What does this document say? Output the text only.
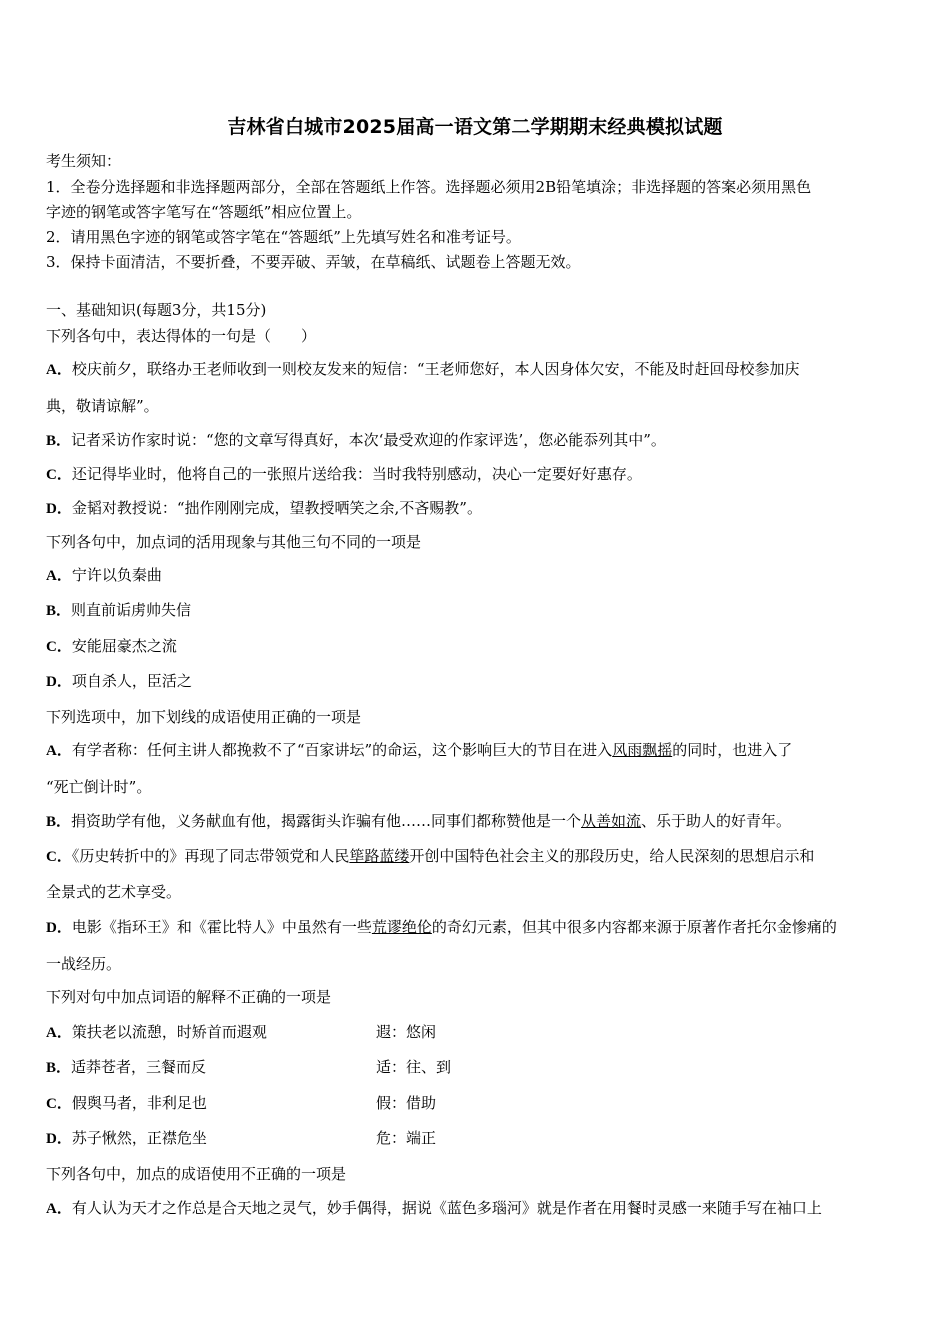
吉林省白城市2025届高一语文第二学期期末经典模拟试题
考生须知：
1．全卷分选择题和非选择题两部分，全部在答题纸上作答。选择题必须用2B铅笔填涂；非选择题的答案必须用黑色
字迹的钢笔或答字笔写在“答题纸”相应位置上。
2．请用黑色字迹的钢笔或答字笔在“答题纸”上先填写姓名和准考证号。
3．保持卡面清洁，不要折叠，不要弄破、弄皱，在草稿纸、试题卷上答题无效。
一、基础知识(每题3分，共15分)
下列各句中，表达得体的一句是（　　）
A．校庆前夕，联络办王老师收到一则校友发来的短信：“王老师您好，本人因身体欠安，不能及时赶回母校参加庆
典，敬请谅解”。
B．记者采访作家时说：“您的文章写得真好，本次‘最受欢迎的作家评选’，您必能忝列其中”。
C．还记得毕业时，他将自己的一张照片送给我：当时我特别感动，决心一定要好好惠存。
D．金韬对教授说：“拙作刚刚完成，望教授哂笑之余,不吝赐教”。
下列各句中，加点词的活用现象与其他三句不同的一项是
A．宁许以负秦曲
B．则直前诟虏帅失信
C．安能屈豪杰之流
D．项自杀人，臣活之
下列选项中，加下划线的成语使用正确的一项是
A．有学者称：任何主讲人都挽救不了“百家讲坛”的命运，这个影响巨大的节目在进入风雨飘摇的同时，也进入了
“死亡倒计时”。
B．捐资助学有他，义务献血有他，揭露街头诈骗有他……同事们都称赞他是一个从善如流、乐于助人的好青年。
C．《历史转折中的》再现了同志带领党和人民筚路蓝缕开创中国特色社会主义的那段历史，给人民深刻的思想启示和
全景式的艺术享受。
D．电影《指环王》和《霍比特人》中虽然有一些荒谬绝伦的奇幻元素，但其中很多内容都来源于原著作者托尔金惨痛的
一战经历。
下列对句中加点词语的解释不正确的一项是
A．策扶老以流憩，时矫首而遐观	遐：悠闲
B．适莽苍者，三餐而反	适：往、到
C．假舆马者，非利足也	假：借助
D．苏子愀然，正襟危坐	危：端正
下列各句中，加点的成语使用不正确的一项是
A．有人认为天才之作总是合天地之灵气，妙手偶得，据说《蓝色多瑙河》就是作者在用餐时灵感一来随手写在袖口上
